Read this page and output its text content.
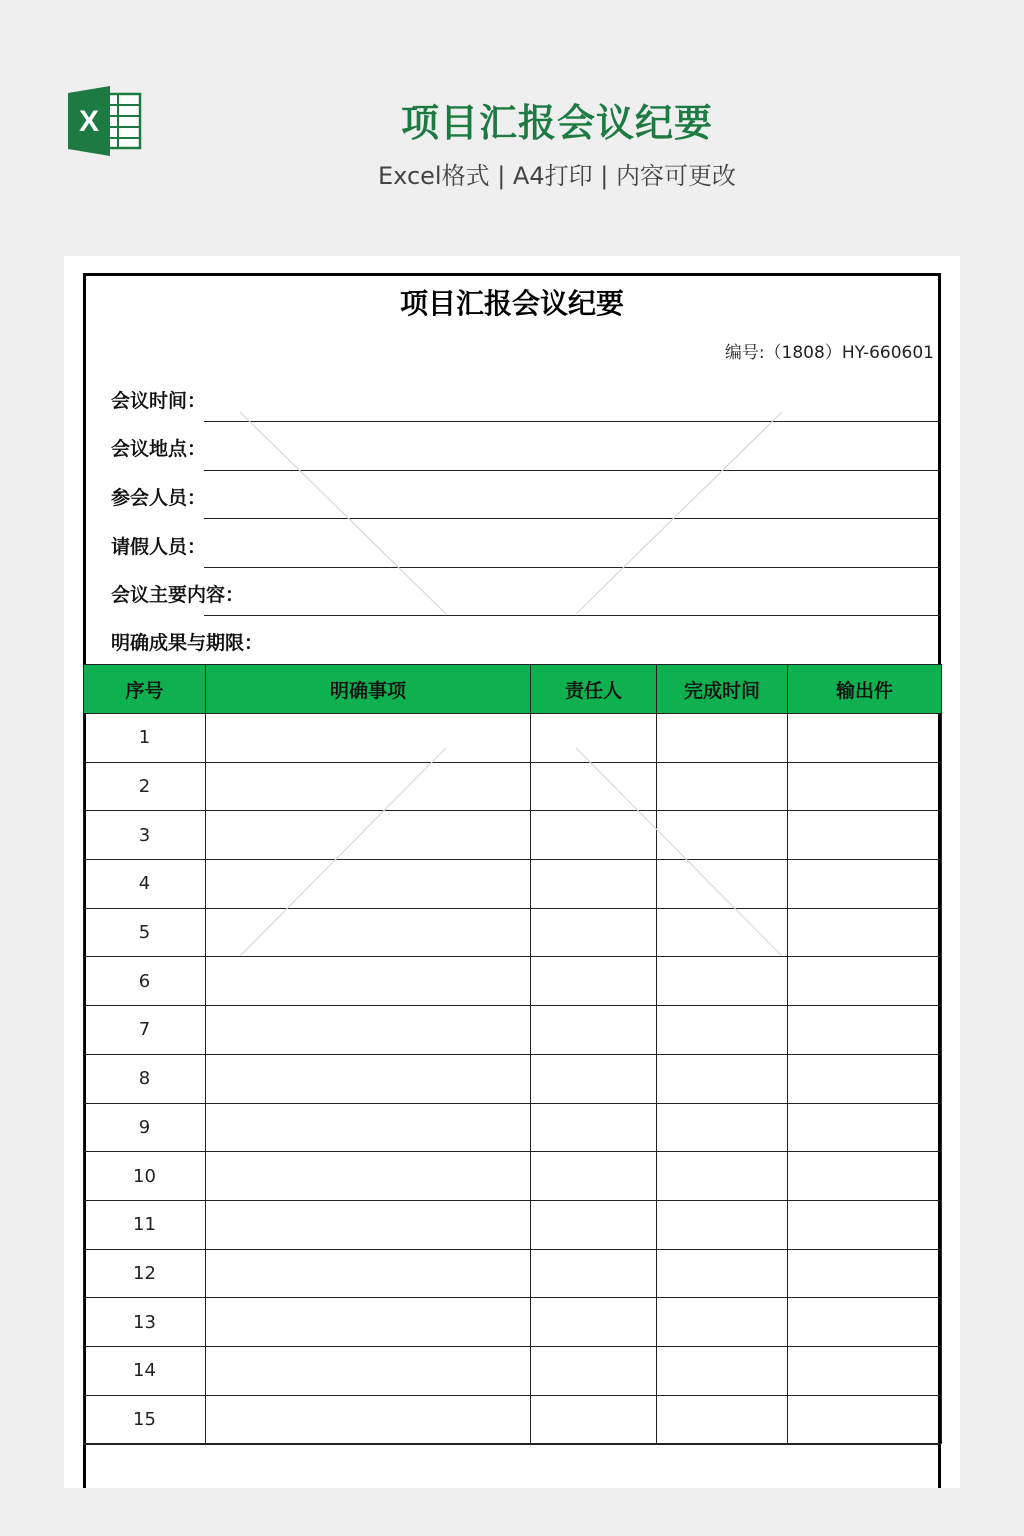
X	项目汇报会议纪要
Excel格式 | A4打印 | 内容可更改
项目汇报会议纪要
编号:（1808）HY-660601
会议时间：
会议地点：
参会人员：
请假人员：
会议主要内容：
明确成果与期限：
序号	明确事项	责任人	完成时间	输出件
1				
2				
3				
4				
5				
6				
7				
8				
9				
10				
11				
12				
13				
14				
15				
